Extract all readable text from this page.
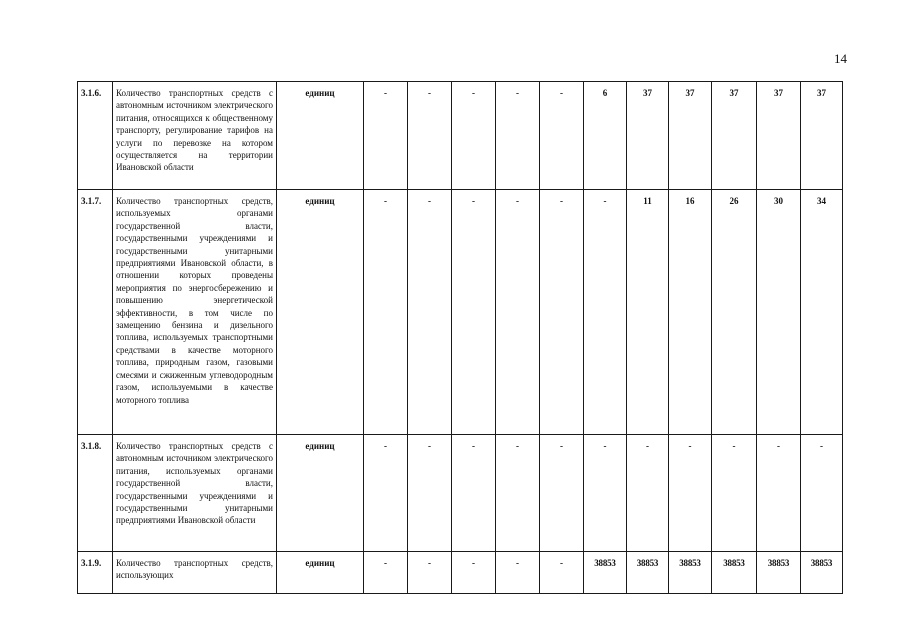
14
3.1.6.	Количество транспортных средств с автономным источником электрического питания, относящихся к общественному транспорту, регулирование тарифов на услуги по перевозке на котором осуществляется на территории Ивановской области	единиц	-	-	-	-	-	6	37	37	37	37	37
3.1.7.	Количество транспортных средств, используемых органами государственной власти, государственными учреждениями и государственными унитарными предприятиями Ивановской области, в отношении которых проведены мероприятия по энергосбережению и повышению энергетической эффективности, в том числе по замещению бензина и дизельного топлива, используемых транспортными средствами в качестве моторного топлива, природным газом, газовыми смесями и сжиженным углеводородным газом, используемыми в качестве моторного топлива	единиц	-	-	-	-	-	-	11	16	26	30	34
3.1.8.	Количество транспортных средств с автономным источником электрического питания, используемых органами государственной власти, государственными учреждениями и государственными унитарными предприятиями Ивановской области	единиц	-	-	-	-	-	-	-	-	-	-	-
3.1.9.	Количество транспортных средств, использующих	единиц	-	-	-	-	-	38853	38853	38853	38853	38853	38853
